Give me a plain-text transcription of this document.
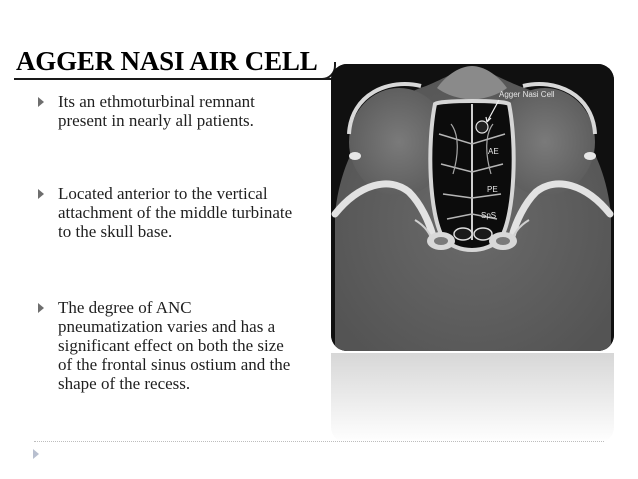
AGGER NASI AIR CELL
Its an ethmoturbinal remnant present in nearly all patients.
Located anterior to the vertical attachment of the middle turbinate to the skull base.
The degree of ANC pneumatization varies and has a significant effect on both the size of the frontal sinus ostium and the shape of the recess.
Agger Nasi Cell
AE
PE
SpS
